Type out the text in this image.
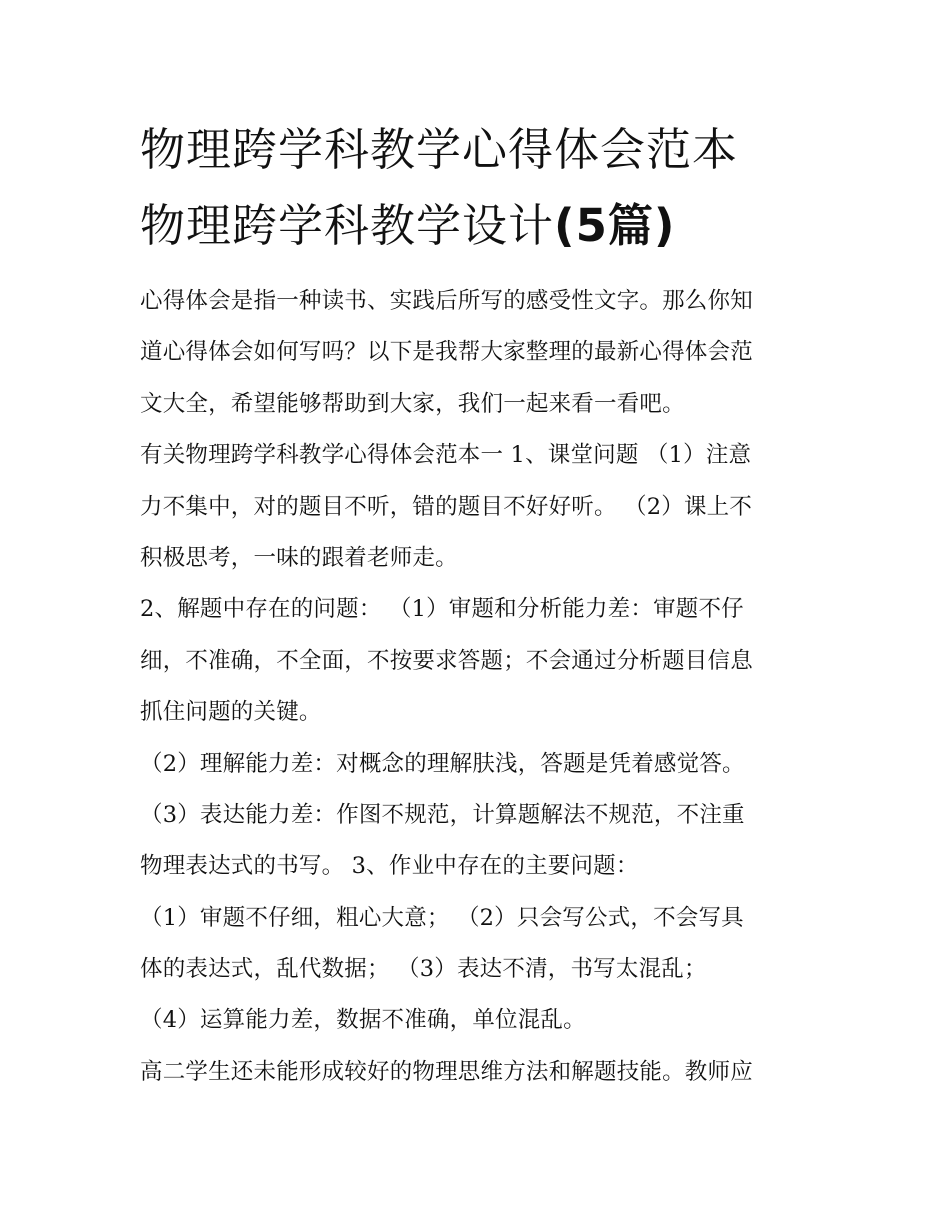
物理跨学科教学心得体会范本
物理跨学科教学设计(5篇)
心得体会是指一种读书、实践后所写的感受性文字。那么你知
道心得体会如何写吗？以下是我帮大家整理的最新心得体会范
文大全，希望能够帮助到大家，我们一起来看一看吧。
有关物理跨学科教学心得体会范本一 1、课堂问题 （1）注意
力不集中，对的题目不听，错的题目不好好听。 （2）课上不
积极思考，一味的跟着老师走。
2、解题中存在的问题： （1）审题和分析能力差：审题不仔
细，不准确，不全面，不按要求答题；不会通过分析题目信息
抓住问题的关键。
（2）理解能力差：对概念的理解肤浅，答题是凭着感觉答。
（3）表达能力差：作图不规范，计算题解法不规范，不注重
物理表达式的书写。 3、作业中存在的主要问题：
（1）审题不仔细，粗心大意； （2）只会写公式，不会写具
体的表达式，乱代数据； （3）表达不清，书写太混乱；
（4）运算能力差，数据不准确，单位混乱。
高二学生还未能形成较好的物理思维方法和解题技能。教师应
